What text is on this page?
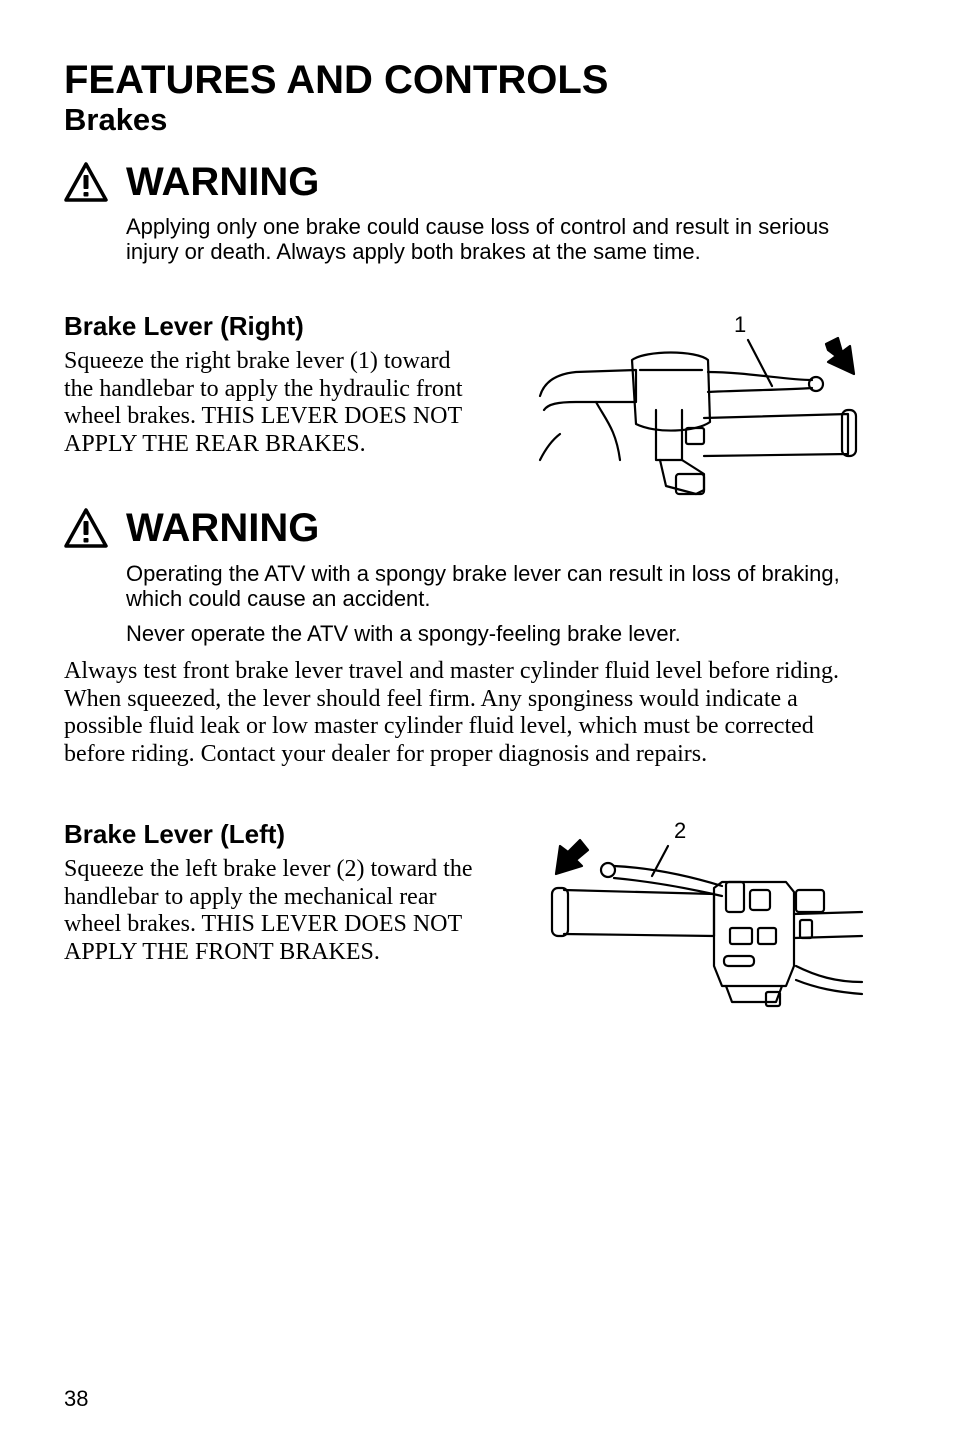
FEATURES AND CONTROLS
Brakes
WARNING

Applying only one brake could cause loss of control and result in serious injury or death. Always apply both brakes at the same time.

Brake Lever (Right)

Squeeze the right brake lever (1) toward the handlebar to apply the hydraulic front wheel brakes. THIS LEVER DOES NOT APPLY THE REAR BRAKES.

1
WARNING

Operating the ATV with a spongy brake lever can result in loss of braking, which could cause an accident.

Never operate the ATV with a spongy-feeling brake lever.

Always test front brake lever travel and master cylinder fluid level before riding. When squeezed, the lever should feel firm. Any sponginess would indicate a possible fluid leak or low master cylinder fluid level, which must be corrected before riding. Contact your dealer for proper diagnosis and repairs.

Brake Lever (Left)

Squeeze the left brake lever (2) toward the handlebar to apply the mechanical rear wheel brakes. THIS LEVER DOES NOT APPLY THE FRONT BRAKES.

2
38
